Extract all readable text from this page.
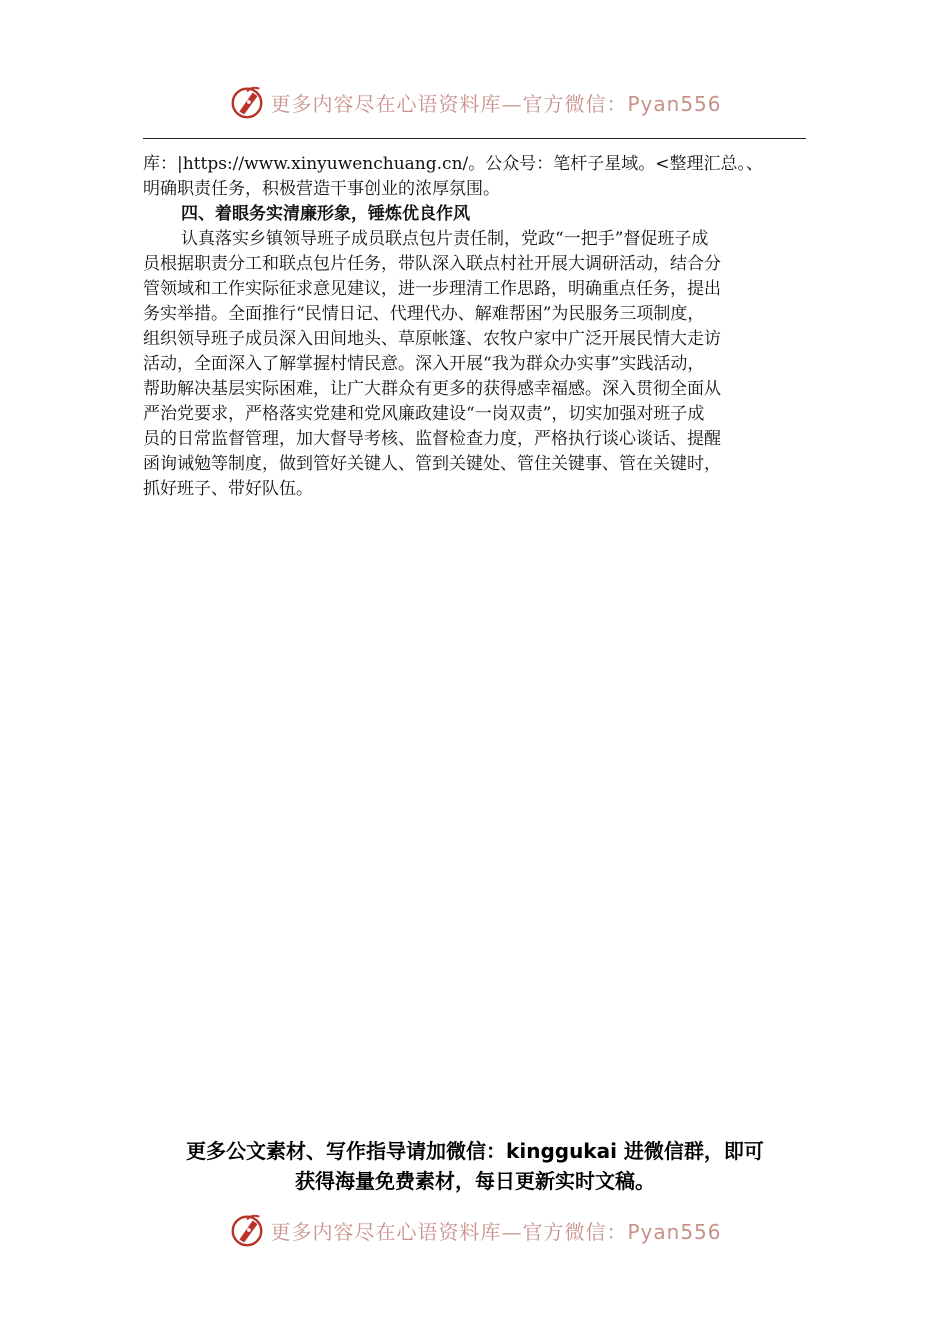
更多内容尽在心语资料库—官方微信：Pyan556
库：|https://www.xinyuwenchuang.cn/。公众号：笔杆子星域。<整理汇总。、
明确职责任务，积极营造干事创业的浓厚氛围。
四、着眼务实清廉形象，锤炼优良作风
认真落实乡镇领导班子成员联点包片责任制，党政“一把手”督促班子成
员根据职责分工和联点包片任务，带队深入联点村社开展大调研活动，结合分
管领域和工作实际征求意见建议，进一步理清工作思路，明确重点任务，提出
务实举措。全面推行“民情日记、代理代办、解难帮困”为民服务三项制度，
组织领导班子成员深入田间地头、草原帐篷、农牧户家中广泛开展民情大走访
活动，全面深入了解掌握村情民意。深入开展“我为群众办实事”实践活动，
帮助解决基层实际困难，让广大群众有更多的获得感幸福感。深入贯彻全面从
严治党要求，严格落实党建和党风廉政建设“一岗双责”，切实加强对班子成
员的日常监督管理，加大督导考核、监督检查力度，严格执行谈心谈话、提醒
函询诫勉等制度，做到管好关键人、管到关键处、管住关键事、管在关键时，
抓好班子、带好队伍。
更多公文素材、写作指导请加微信：kinggukai 进微信群，即可
获得海量免费素材，每日更新实时文稿。
更多内容尽在心语资料库—官方微信：Pyan556
